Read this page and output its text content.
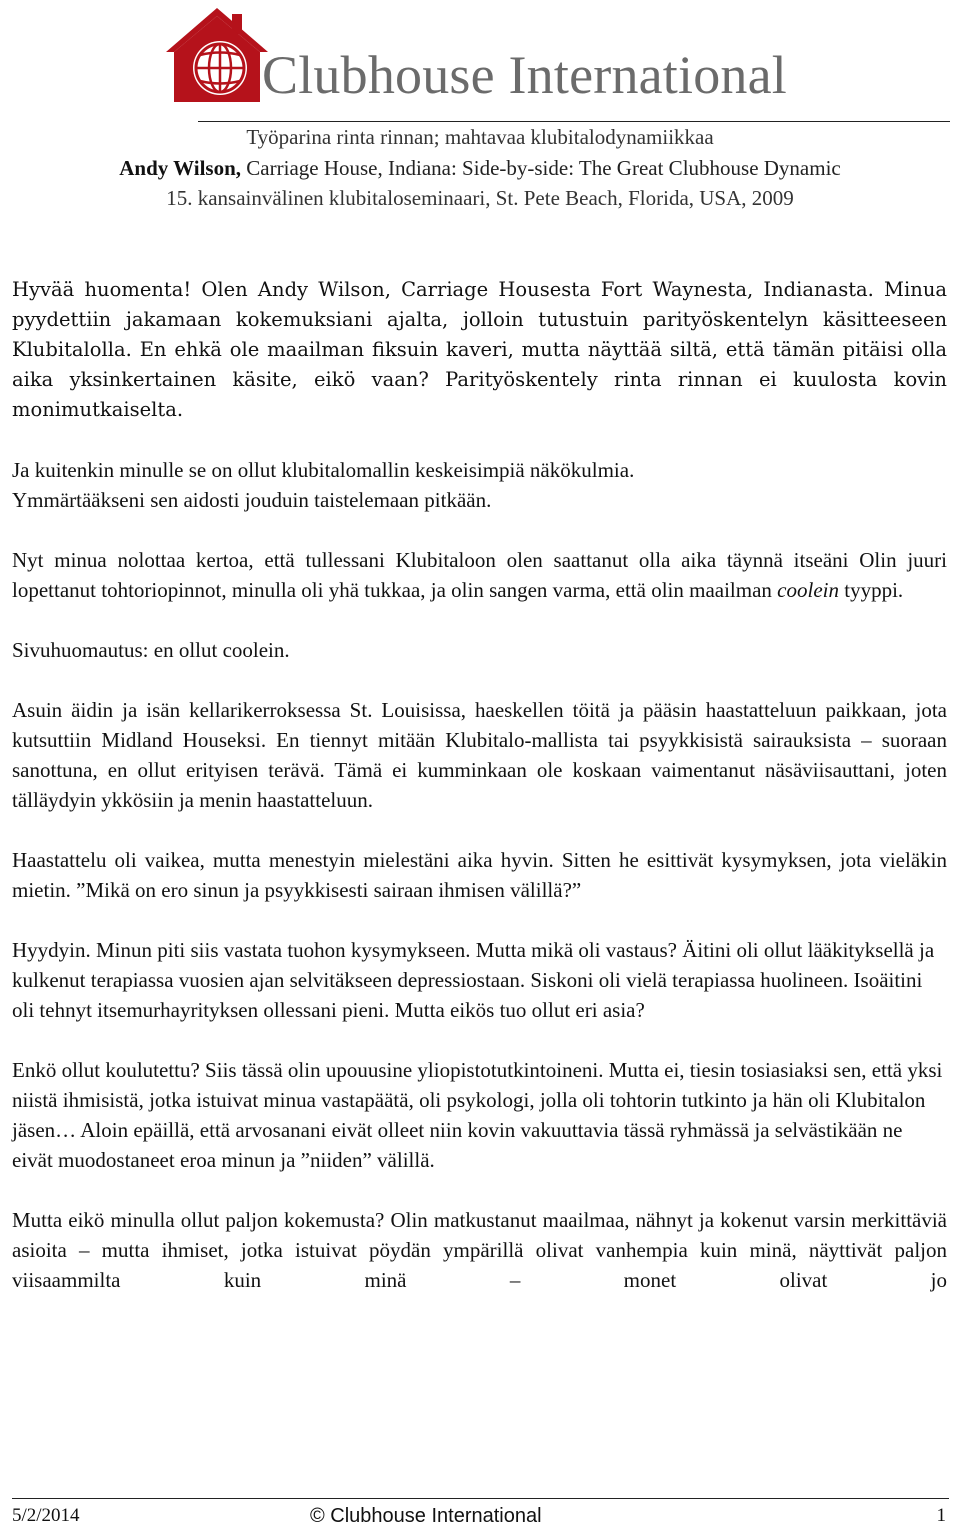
Clubhouse International
Työparina rinta rinnan; mahtavaa klubitalodynamiikkaa
Andy Wilson, Carriage House, Indiana: Side-by-side: The Great Clubhouse Dynamic
15. kansainvälinen klubitaloseminaari, St. Pete Beach, Florida, USA, 2009

Hyvää huomenta! Olen Andy Wilson, Carriage Housesta Fort Waynesta, Indianasta. Minua pyydettiin jakamaan kokemuksiani ajalta, jolloin tutustuin parityöskentelyn käsitteeseen Klubitalolla. En ehkä ole maailman fiksuin kaveri, mutta näyttää siltä, että tämän pitäisi olla aika yksinkertainen käsite, eikö vaan? Parityöskentely rinta rinnan ei kuulosta kovin monimutkaiselta.

Ja kuitenkin minulle se on ollut klubitalomallin keskeisimpiä näkökulmia.
Ymmärtääkseni sen aidosti jouduin taistelemaan pitkään.

Nyt minua nolottaa kertoa, että tullessani Klubitaloon olen saattanut olla aika täynnä itseäni Olin juuri lopettanut tohtoriopinnot, minulla oli yhä tukkaa, ja olin sangen varma, että olin maailman coolein tyyppi.

Sivuhuomautus: en ollut coolein.

Asuin äidin ja isän kellarikerroksessa St. Louisissa, haeskellen töitä ja pääsin haastatteluun paikkaan, jota kutsuttiin Midland Houseksi. En tiennyt mitään Klubitalo-mallista tai psyykkisistä sairauksista – suoraan sanottuna, en ollut erityisen terävä. Tämä ei kumminkaan ole koskaan vaimentanut näsäviisauttani, joten tälläydyin ykkösiin ja menin haastatteluun.

Haastattelu oli vaikea, mutta menestyin mielestäni aika hyvin. Sitten he esittivät kysymyksen, jota vieläkin mietin. ”Mikä on ero sinun ja psyykkisesti sairaan ihmisen välillä?”

Hyydyin. Minun piti siis vastata tuohon kysymykseen. Mutta mikä oli vastaus? Äitini oli ollut lääkityksellä ja kulkenut terapiassa vuosien ajan selvitäkseen depressiostaan. Siskoni oli vielä terapiassa huolineen. Isoäitini oli tehnyt itsemurhayrityksen ollessani pieni. Mutta eikös tuo ollut eri asia?

Enkö ollut koulutettu? Siis tässä olin upouusine yliopistotutkintoineni. Mutta ei, tiesin tosiasiaksi sen, että yksi niistä ihmisistä, jotka istuivat minua vastapäätä, oli psykologi, jolla oli tohtorin tutkinto ja hän oli Klubitalon jäsen… Aloin epäillä, että arvosanani eivät olleet niin kovin vakuuttavia tässä ryhmässä ja selvästikään ne eivät muodostaneet eroa minun ja ”niiden” välillä.

Mutta eikö minulla ollut paljon kokemusta? Olin matkustanut maailmaa, nähnyt ja kokenut varsin merkittäviä asioita – mutta ihmiset, jotka istuivat pöydän ympärillä olivat vanhempia kuin minä, näyttivät paljon viisaammilta kuin minä – monet olivat jo

5/2/2014	© Clubhouse International	1
